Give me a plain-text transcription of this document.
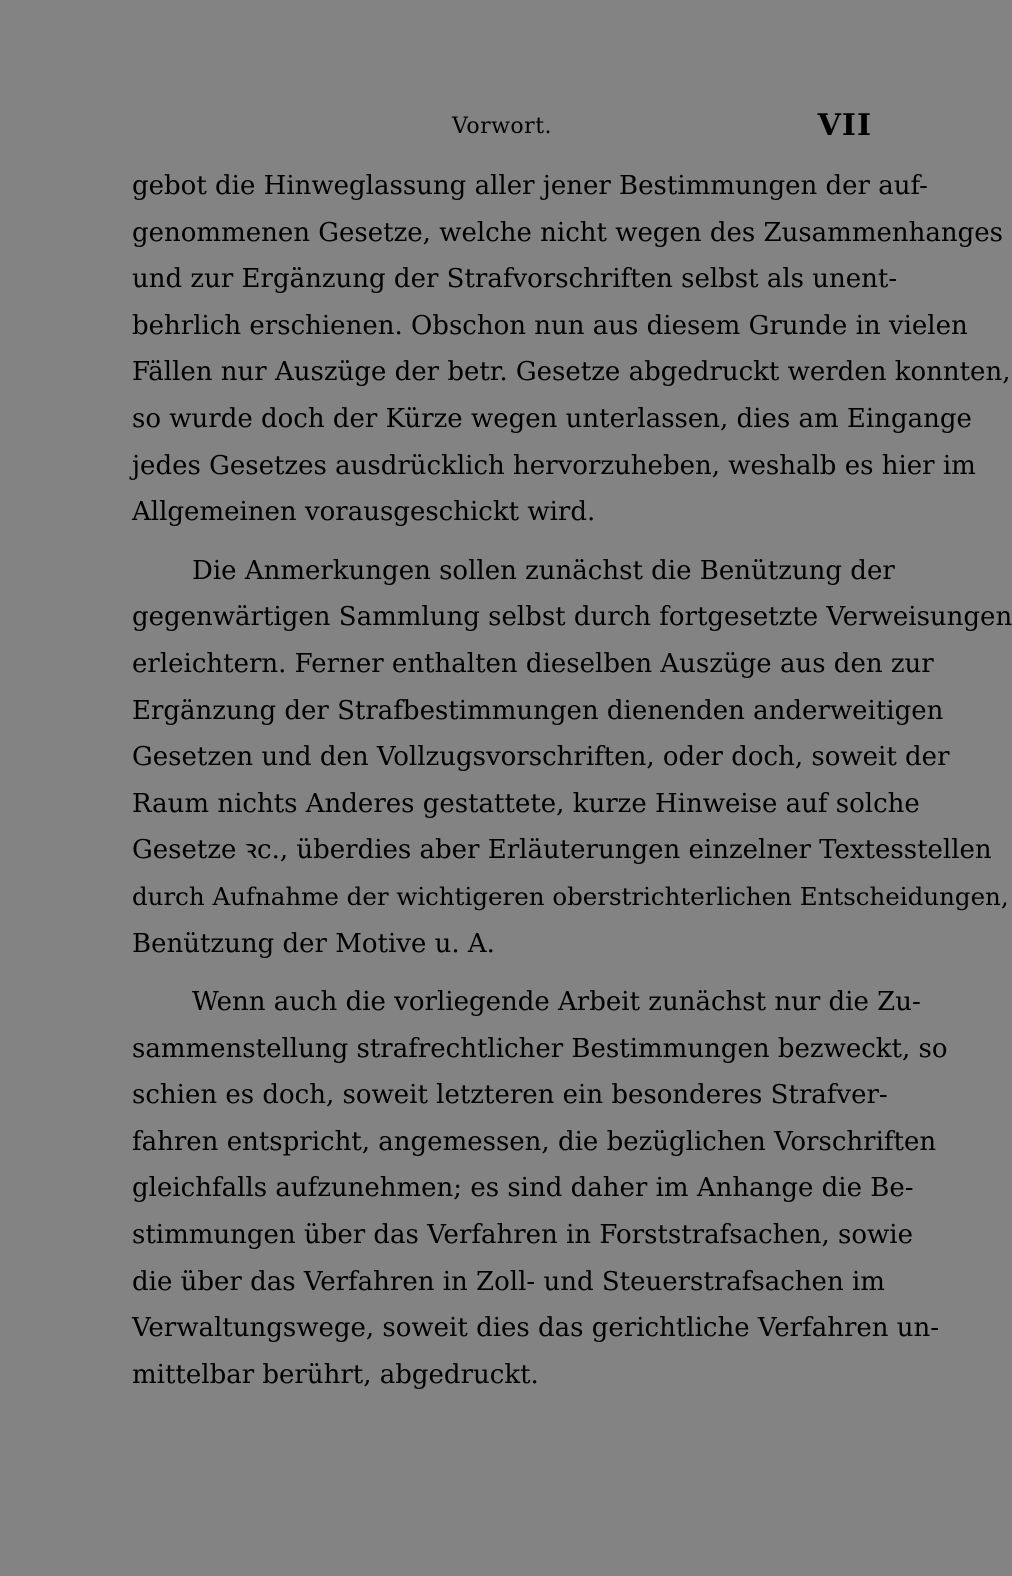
Vorwort.	VII
gebot die Hinweglassung aller jener Bestimmungen der auf-
genommenen Gesetze, welche nicht wegen des Zusammenhanges
und zur Ergänzung der Strafvorschriften selbst als unent-
behrlich erschienen. Obschon nun aus diesem Grunde in vielen
Fällen nur Auszüge der betr. Gesetze abgedruckt werden konnten,
so wurde doch der Kürze wegen unterlassen, dies am Eingange
jedes Gesetzes ausdrücklich hervorzuheben, weshalb es hier im
Allgemeinen vorausgeschickt wird.
Die Anmerkungen sollen zunächst die Benützung der
gegenwärtigen Sammlung selbst durch fortgesetzte Verweisungen
erleichtern. Ferner enthalten dieselben Auszüge aus den zur
Ergänzung der Strafbestimmungen dienenden anderweitigen
Gesetzen und den Vollzugsvorschriften, oder doch, soweit der
Raum nichts Anderes gestattete, kurze Hinweise auf solche
Gesetze ꝛc., überdies aber Erläuterungen einzelner Textesstellen
durch Aufnahme der wichtigeren oberstrichterlichen Entscheidungen,
Benützung der Motive u. A.
Wenn auch die vorliegende Arbeit zunächst nur die Zu-
sammenstellung strafrechtlicher Bestimmungen bezweckt, so
schien es doch, soweit letzteren ein besonderes Strafver-
fahren entspricht, angemessen, die bezüglichen Vorschriften
gleichfalls aufzunehmen; es sind daher im Anhange die Be-
stimmungen über das Verfahren in Forststrafsachen, sowie
die über das Verfahren in Zoll- und Steuerstrafsachen im
Verwaltungswege, soweit dies das gerichtliche Verfahren un-
mittelbar berührt, abgedruckt.
